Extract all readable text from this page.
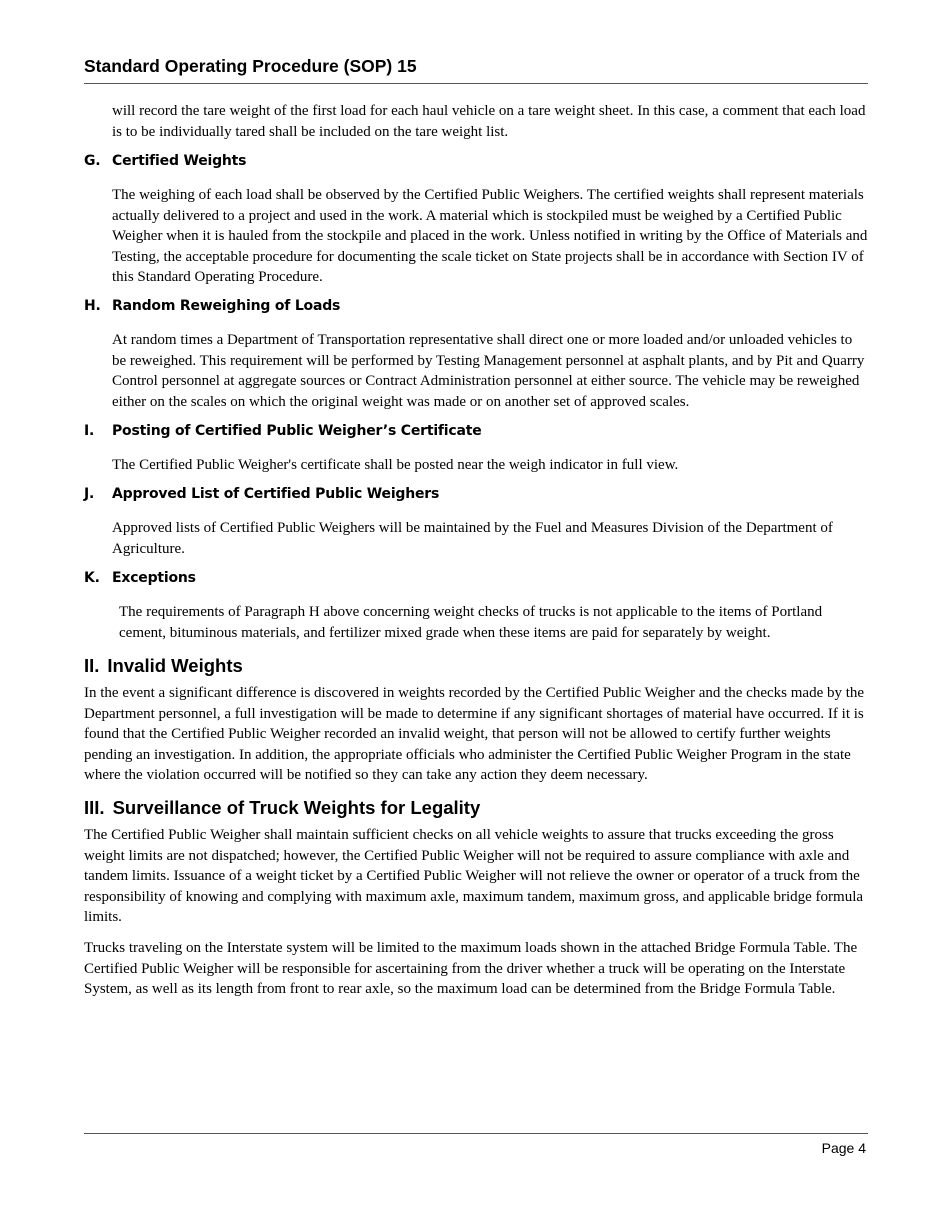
Standard Operating Procedure (SOP) 15
will record the tare weight of the first load for each haul vehicle on a tare weight sheet. In this case, a comment that each load is to be individually tared shall be included on the tare weight list.
G. Certified Weights
The weighing of each load shall be observed by the Certified Public Weighers. The certified weights shall represent materials actually delivered to a project and used in the work. A material which is stockpiled must be weighed by a Certified Public Weigher when it is hauled from the stockpile and placed in the work. Unless notified in writing by the Office of Materials and Testing, the acceptable procedure for documenting the scale ticket on State projects shall be in accordance with Section IV of this Standard Operating Procedure.
H. Random Reweighing of Loads
At random times a Department of Transportation representative shall direct one or more loaded and/or unloaded vehicles to be reweighed. This requirement will be performed by Testing Management personnel at asphalt plants, and by Pit and Quarry Control personnel at aggregate sources or Contract Administration personnel at either source. The vehicle may be reweighed either on the scales on which the original weight was made or on another set of approved scales.
I. Posting of Certified Public Weigher’s Certificate
The Certified Public Weigher's certificate shall be posted near the weigh indicator in full view.
J. Approved List of Certified Public Weighers
Approved lists of Certified Public Weighers will be maintained by the Fuel and Measures Division of the Department of Agriculture.
K. Exceptions
The requirements of Paragraph H above concerning weight checks of trucks is not applicable to the items of Portland cement, bituminous materials, and fertilizer mixed grade when these items are paid for separately by weight.
II. Invalid Weights
In the event a significant difference is discovered in weights recorded by the Certified Public Weigher and the checks made by the Department personnel, a full investigation will be made to determine if any significant shortages of material have occurred. If it is found that the Certified Public Weigher recorded an invalid weight, that person will not be allowed to certify further weights pending an investigation. In addition, the appropriate officials who administer the Certified Public Weigher Program in the state where the violation occurred will be notified so they can take any action they deem necessary.
III. Surveillance of Truck Weights for Legality
The Certified Public Weigher shall maintain sufficient checks on all vehicle weights to assure that trucks exceeding the gross weight limits are not dispatched; however, the Certified Public Weigher will not be required to assure compliance with axle and tandem limits. Issuance of a weight ticket by a Certified Public Weigher will not relieve the owner or operator of a truck from the responsibility of knowing and complying with maximum axle, maximum tandem, maximum gross, and applicable bridge formula limits.
Trucks traveling on the Interstate system will be limited to the maximum loads shown in the attached Bridge Formula Table. The Certified Public Weigher will be responsible for ascertaining from the driver whether a truck will be operating on the Interstate System, as well as its length from front to rear axle, so the maximum load can be determined from the Bridge Formula Table.
Page 4
